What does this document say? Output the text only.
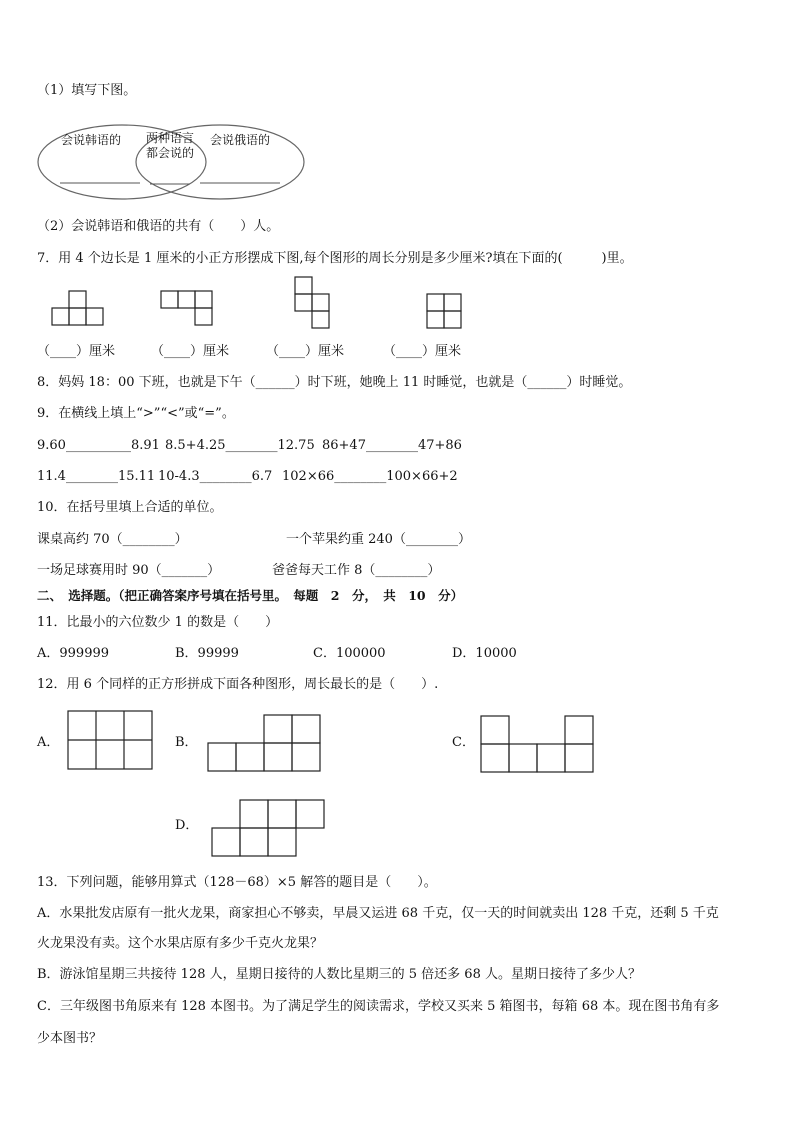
（1）填写下图。
会说韩语的 两种语言
都会说的
会说俄语的
（2）会说韩语和俄语的共有（　　）人。
7．用 4 个边长是 1 厘米的小正方形摆成下图,每个图形的周长分别是多少厘米?填在下面的(　　　)里。
（____）厘米	（____）厘米	（____）厘米	（____）厘米
8．妈妈 18：00 下班，也就是下午（______）时下班，她晚上 11 时睡觉，也就是（______）时睡觉。
9．在横线上填上“>”“<”或“=”。
9.60__________8.91 8.5+4.25________12.75 86+47________47+86
11.4________15.11 10-4.3________6.7 102×66________100×66+2
10．在括号里填上合适的单位。
课桌高约 70（________）	一个苹果约重 240（________）
一场足球赛用时 90（_______）	爸爸每天工作 8（________）
二、　选择题。（把正确答案序号填在括号里。　每题　2　分，　共　10　分）
11．比最小的六位数少 1 的数是（　　）
A．999999	B．99999	C．100000	D．10000
12．用 6 个同样的正方形拼成下面各种图形，周长最长的是（　　）.
A．	B．	C．
D．
13．下列问题，能够用算式（128－68）×5 解答的题目是（　　）。
A．水果批发店原有一批火龙果，商家担心不够卖，早晨又运进 68 千克，仅一天的时间就卖出 128 千克，还剩 5 千克
火龙果没有卖。这个水果店原有多少千克火龙果？
B．游泳馆星期三共接待 128 人，星期日接待的人数比星期三的 5 倍还多 68 人。星期日接待了多少人？
C．三年级图书角原来有 128 本图书。为了满足学生的阅读需求，学校又买来 5 箱图书，每箱 68 本。现在图书角有多
少本图书？
